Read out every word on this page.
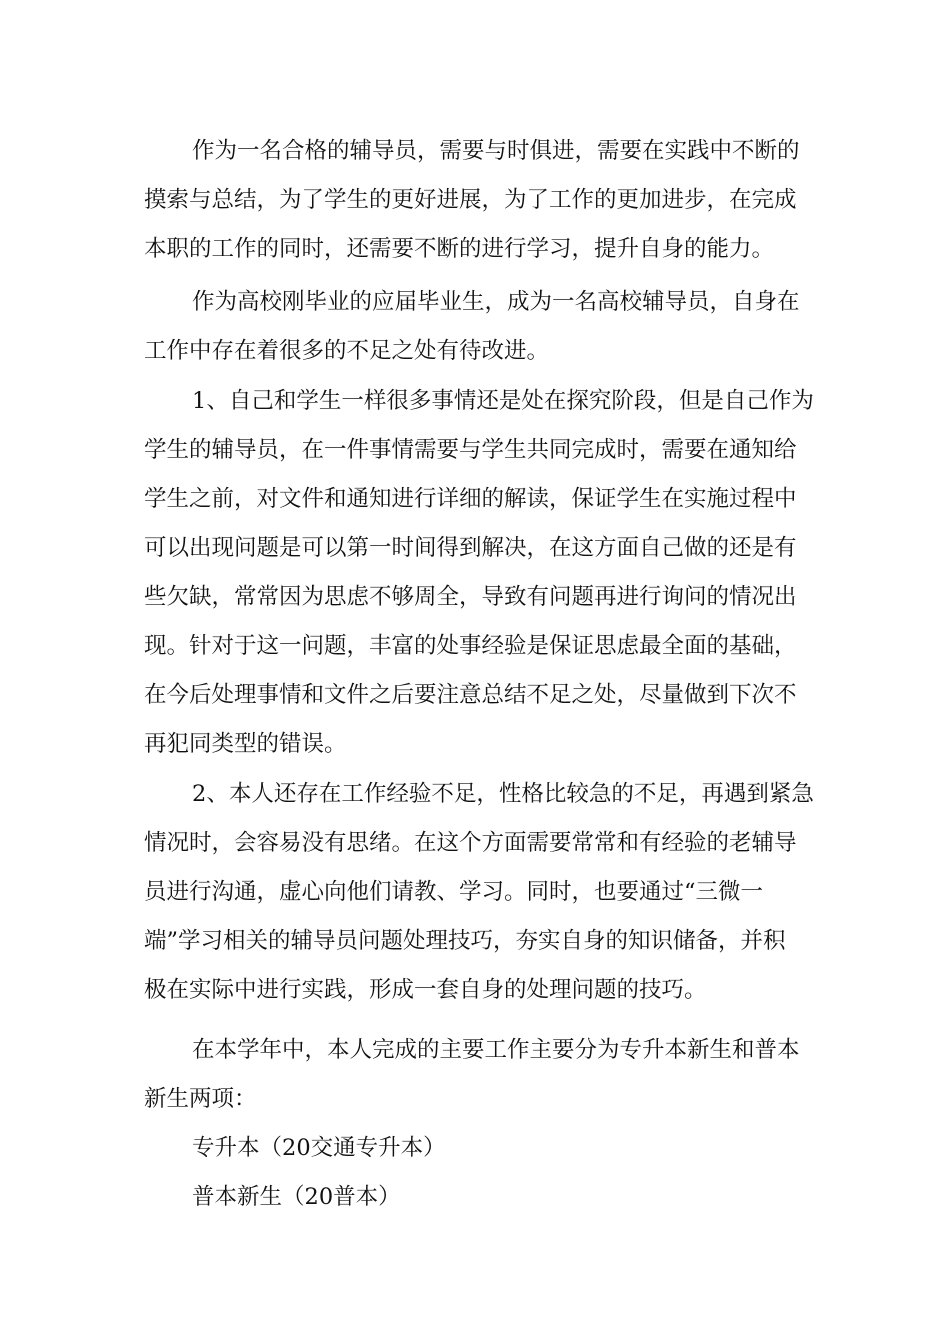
作为一名合格的辅导员，需要与时俱进，需要在实践中不断的

摸索与总结，为了学生的更好进展，为了工作的更加进步，在完成

本职的工作的同时，还需要不断的进行学习，提升自身的能力。

作为高校刚毕业的应届毕业生，成为一名高校辅导员，自身在

工作中存在着很多的不足之处有待改进。

1、自己和学生一样很多事情还是处在探究阶段，但是自己作为

学生的辅导员，在一件事情需要与学生共同完成时，需要在通知给

学生之前，对文件和通知进行详细的解读，保证学生在实施过程中

可以出现问题是可以第一时间得到解决，在这方面自己做的还是有

些欠缺，常常因为思虑不够周全，导致有问题再进行询问的情况出

现。针对于这一问题，丰富的处事经验是保证思虑最全面的基础，

在今后处理事情和文件之后要注意总结不足之处，尽量做到下次不

再犯同类型的错误。

2、本人还存在工作经验不足，性格比较急的不足，再遇到紧急

情况时，会容易没有思绪。在这个方面需要常常和有经验的老辅导

员进行沟通，虚心向他们请教、学习。同时，也要通过“三微一

端”学习相关的辅导员问题处理技巧，夯实自身的知识储备，并积

极在实际中进行实践，形成一套自身的处理问题的技巧。

在本学年中，本人完成的主要工作主要分为专升本新生和普本

新生两项：

专升本（20交通专升本）

普本新生（20普本）
